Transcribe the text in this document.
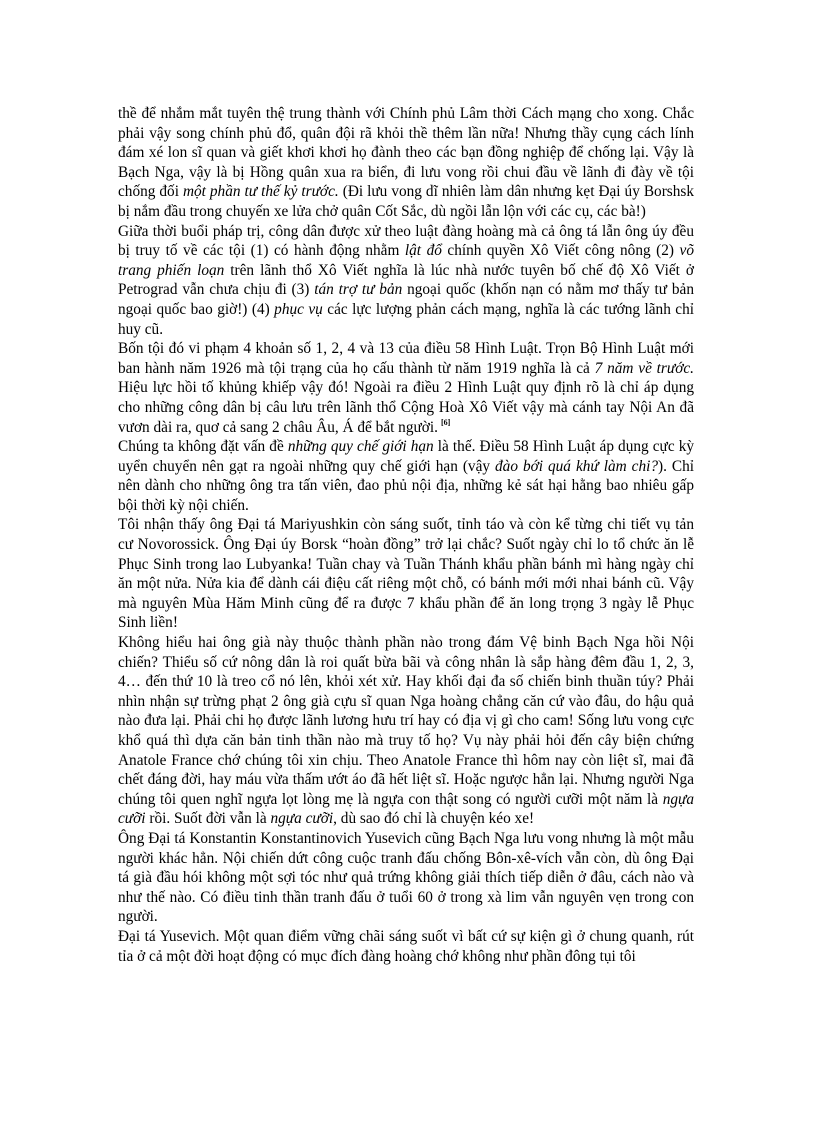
thề để nhắm mắt tuyên thệ trung thành với Chính phủ Lâm thời Cách mạng cho xong. Chắc phải vậy song chính phủ đổ, quân đội rã khỏi thề thêm lần nữa! Nhưng thầy cụng cách lính đám xé lon sĩ quan và giết khơi khơi họ đành theo các bạn đồng nghiệp để chống lại. Vậy là Bạch Nga, vậy là bị Hồng quân xua ra biển, đi lưu vong rồi chui đầu về lãnh đi đày về tội chống đối một phần tư thế kỷ trước. (Đi lưu vong dĩ nhiên làm dân nhưng kẹt Đại úy Borshsk bị nắm đầu trong chuyến xe lửa chở quân Cốt Sắc, dù ngồi lẫn lộn với các cụ, các bà!)

Giữa thời buổi pháp trị, công dân được xử theo luật đàng hoàng mà cả ông tá lẫn ông úy đều bị truy tố về các tội (1) có hành động nhằm lật đổ chính quyền Xô Viết công nông (2) võ trang phiến loạn trên lãnh thổ Xô Viết nghĩa là lúc nhà nước tuyên bố chế độ Xô Viết ở Petrograd vẫn chưa chịu đi (3) tán trợ tư bản ngoại quốc (khốn nạn có nằm mơ thấy tư bản ngoại quốc bao giờ!) (4) phục vụ các lực lượng phản cách mạng, nghĩa là các tướng lãnh chỉ huy cũ.

Bốn tội đó vi phạm 4 khoản số 1, 2, 4 và 13 của điều 58 Hình Luật. Trọn Bộ Hình Luật mới ban hành năm 1926 mà tội trạng của họ cấu thành từ năm 1919 nghĩa là cả 7 năm về trước. Hiệu lực hồi tố khủng khiếp vậy đó! Ngoài ra điều 2 Hình Luật quy định rõ là chỉ áp dụng cho những công dân bị câu lưu trên lãnh thổ Cộng Hoà Xô Viết vậy mà cánh tay Nội An đã vươn dài ra, quơ cả sang 2 châu Âu, Á để bắt người. [6]

Chúng ta không đặt vấn đề những quy chế giới hạn là thế. Điều 58 Hình Luật áp dụng cực kỳ uyển chuyển nên gạt ra ngoài những quy chế giới hạn (vậy đào bới quá khứ làm chi?). Chỉ nên dành cho những ông tra tấn viên, đao phủ nội địa, những kẻ sát hại hằng bao nhiêu gấp bội thời kỳ nội chiến.

Tôi nhận thấy ông Đại tá Mariyushkin còn sáng suốt, tỉnh táo và còn kể từng chi tiết vụ tản cư Novorossick. Ông Đại úy Borsk “hoàn đồng” trở lại chắc? Suốt ngày chỉ lo tổ chức ăn lễ Phục Sinh trong lao Lubyanka! Tuần chay và Tuần Thánh khẩu phần bánh mì hàng ngày chỉ ăn một nửa. Nửa kia để dành cái điệu cất riêng một chỗ, có bánh mới mới nhai bánh cũ. Vậy mà nguyên Mùa Hăm Minh cũng để ra được 7 khẩu phần để ăn long trọng 3 ngày lễ Phục Sinh liền!

Không hiểu hai ông già này thuộc thành phần nào trong đám Vệ binh Bạch Nga hồi Nội chiến? Thiểu số cứ nông dân là roi quất bừa bãi và công nhân là sắp hàng đêm đầu 1, 2, 3, 4… đến thứ 10 là treo cổ nó lên, khỏi xét xử. Hay khối đại đa số chiến binh thuần túy? Phải nhìn nhận sự trừng phạt 2 ông già cựu sĩ quan Nga hoàng chẳng căn cứ vào đâu, do hậu quả nào đưa lại. Phải chi họ được lãnh lương hưu trí hay có địa vị gì cho cam! Sống lưu vong cực khổ quá thì dựa căn bản tinh thần nào mà truy tố họ? Vụ này phải hỏi đến cây biện chứng Anatole France chớ chúng tôi xin chịu. Theo Anatole France thì hôm nay còn liệt sĩ, mai đã chết đáng đời, hay máu vừa thấm ướt áo đã hết liệt sĩ. Hoặc ngược hẳn lại. Nhưng người Nga chúng tôi quen nghĩ ngựa lọt lòng mẹ là ngựa con thật song có người cưỡi một năm là ngựa cưỡi rồi. Suốt đời vẫn là ngựa cưỡi, dù sao đó chỉ là chuyện kéo xe!

Ông Đại tá Konstantin Konstantinovich Yusevich cũng Bạch Nga lưu vong nhưng là một mẫu người khác hẳn. Nội chiến dứt công cuộc tranh đấu chống Bôn-xê-vích vẫn còn, dù ông Đại tá già đầu hói không một sợi tóc như quả trứng không giải thích tiếp diễn ở đâu, cách nào và như thế nào. Có điều tinh thần tranh đấu ở tuổi 60 ở trong xà lim vẫn nguyên vẹn trong con người.

Đại tá Yusevich. Một quan điểm vững chãi sáng suốt vì bất cứ sự kiện gì ở chung quanh, rút tỉa ở cả một đời hoạt động có mục đích đàng hoàng chớ không như phần đông tụi tôi
